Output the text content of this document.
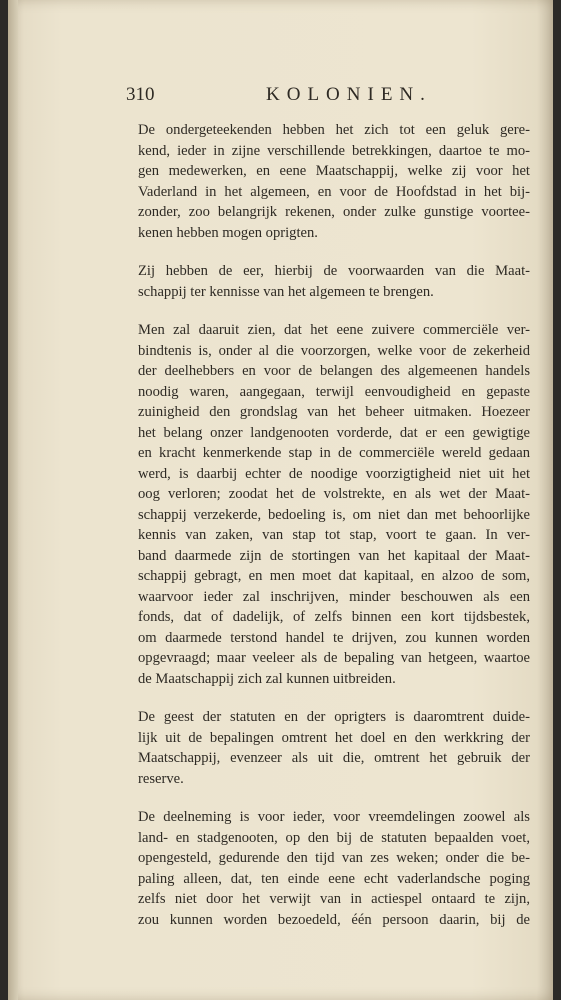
310	KOLONIEN.

De ondergeteekenden hebben het zich tot een geluk gere-
kend, ieder in zijne verschillende betrekkingen, daartoe te mo-
gen medewerken, en eene Maatschappij, welke zij voor het
Vaderland in het algemeen, en voor de Hoofdstad in het bij-
zonder, zoo belangrijk rekenen, onder zulke gunstige voortee-
kenen hebben mogen oprigten.

Zij hebben de eer, hierbij de voorwaarden van die Maat-
schappij ter kennisse van het algemeen te brengen.

Men zal daaruit zien, dat het eene zuivere commerciële ver-
bindtenis is, onder al die voorzorgen, welke voor de zekerheid
der deelhebbers en voor de belangen des algemeenen handels
noodig waren, aangegaan, terwijl eenvoudigheid en gepaste
zuinigheid den grondslag van het beheer uitmaken. Hoezeer
het belang onzer landgenooten vorderde, dat er een gewigtige
en kracht kenmerkende stap in de commerciële wereld gedaan
werd, is daarbij echter de noodige voorzigtigheid niet uit het
oog verloren; zoodat het de volstrekte, en als wet der Maat-
schappij verzekerde, bedoeling is, om niet dan met behoorlijke
kennis van zaken, van stap tot stap, voort te gaan. In ver-
band daarmede zijn de stortingen van het kapitaal der Maat-
schappij gebragt, en men moet dat kapitaal, en alzoo de som,
waarvoor ieder zal inschrijven, minder beschouwen als een
fonds, dat of dadelijk, of zelfs binnen een kort tijdsbestek,
om daarmede terstond handel te drijven, zou kunnen worden
opgevraagd; maar veeleer als de bepaling van hetgeen, waartoe
de Maatschappij zich zal kunnen uitbreiden.

De geest der statuten en der oprigters is daaromtrent duide-
lijk uit de bepalingen omtrent het doel en den werkkring der
Maatschappij, evenzeer als uit die, omtrent het gebruik der
reserve.

De deelneming is voor ieder, voor vreemdelingen zoowel als
land- en stadgenooten, op den bij de statuten bepaalden voet,
opengesteld, gedurende den tijd van zes weken; onder die be-
paling alleen, dat, ten einde eene echt vaderlandsche poging
zelfs niet door het verwijt van in actiespel ontaard te zijn,
zou kunnen worden bezoedeld, één persoon daarin, bij de
